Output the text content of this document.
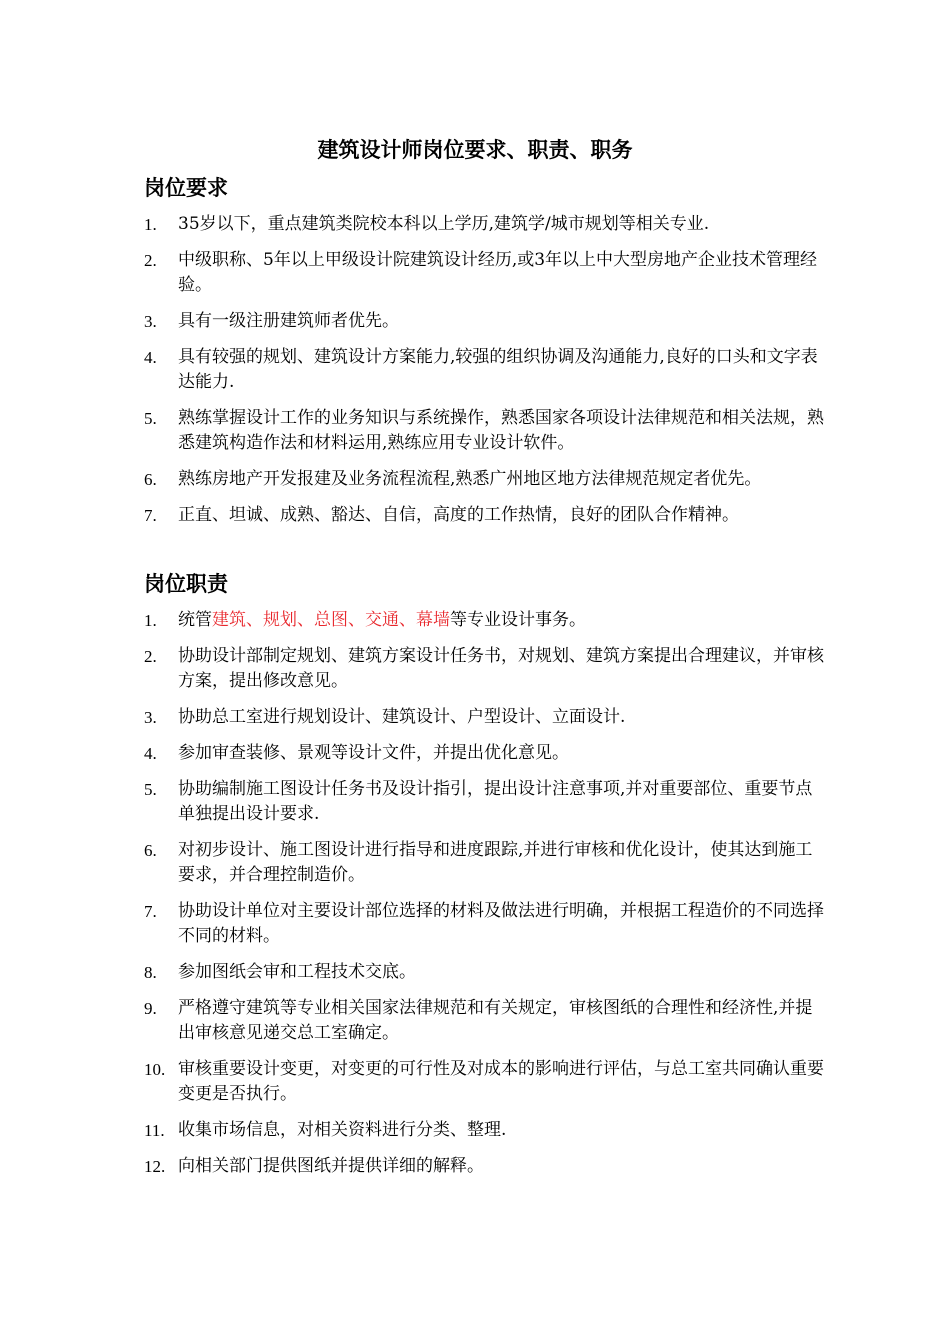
建筑设计师岗位要求、职责、职务
岗位要求
1.	35岁以下，重点建筑类院校本科以上学历,建筑学/城市规划等相关专业.
2.	中级职称、5年以上甲级设计院建筑设计经历,或3年以上中大型房地产企业技术管理经验。
3.	具有一级注册建筑师者优先。
4.	具有较强的规划、建筑设计方案能力,较强的组织协调及沟通能力,良好的口头和文字表达能力.
5.	熟练掌握设计工作的业务知识与系统操作，熟悉国家各项设计法律规范和相关法规，熟悉建筑构造作法和材料运用,熟练应用专业设计软件。
6.	熟练房地产开发报建及业务流程流程,熟悉广州地区地方法律规范规定者优先。
7.	正直、坦诚、成熟、豁达、自信，高度的工作热情，良好的团队合作精神。
岗位职责
1.	统管建筑、规划、总图、交通、幕墙等专业设计事务。
2.	协助设计部制定规划、建筑方案设计任务书，对规划、建筑方案提出合理建议，并审核方案，提出修改意见。
3.	协助总工室进行规划设计、建筑设计、户型设计、立面设计.
4.	参加审查装修、景观等设计文件，并提出优化意见。
5.	协助编制施工图设计任务书及设计指引，提出设计注意事项,并对重要部位、重要节点单独提出设计要求.
6.	对初步设计、施工图设计进行指导和进度跟踪,并进行审核和优化设计，使其达到施工要求，并合理控制造价。
7.	协助设计单位对主要设计部位选择的材料及做法进行明确，并根据工程造价的不同选择不同的材料。
8.	参加图纸会审和工程技术交底。
9.	严格遵守建筑等专业相关国家法律规范和有关规定，审核图纸的合理性和经济性,并提出审核意见递交总工室确定。
10. 审核重要设计变更，对变更的可行性及对成本的影响进行评估，与总工室共同确认重要变更是否执行。
11. 收集市场信息，对相关资料进行分类、整理.
12. 向相关部门提供图纸并提供详细的解释。
